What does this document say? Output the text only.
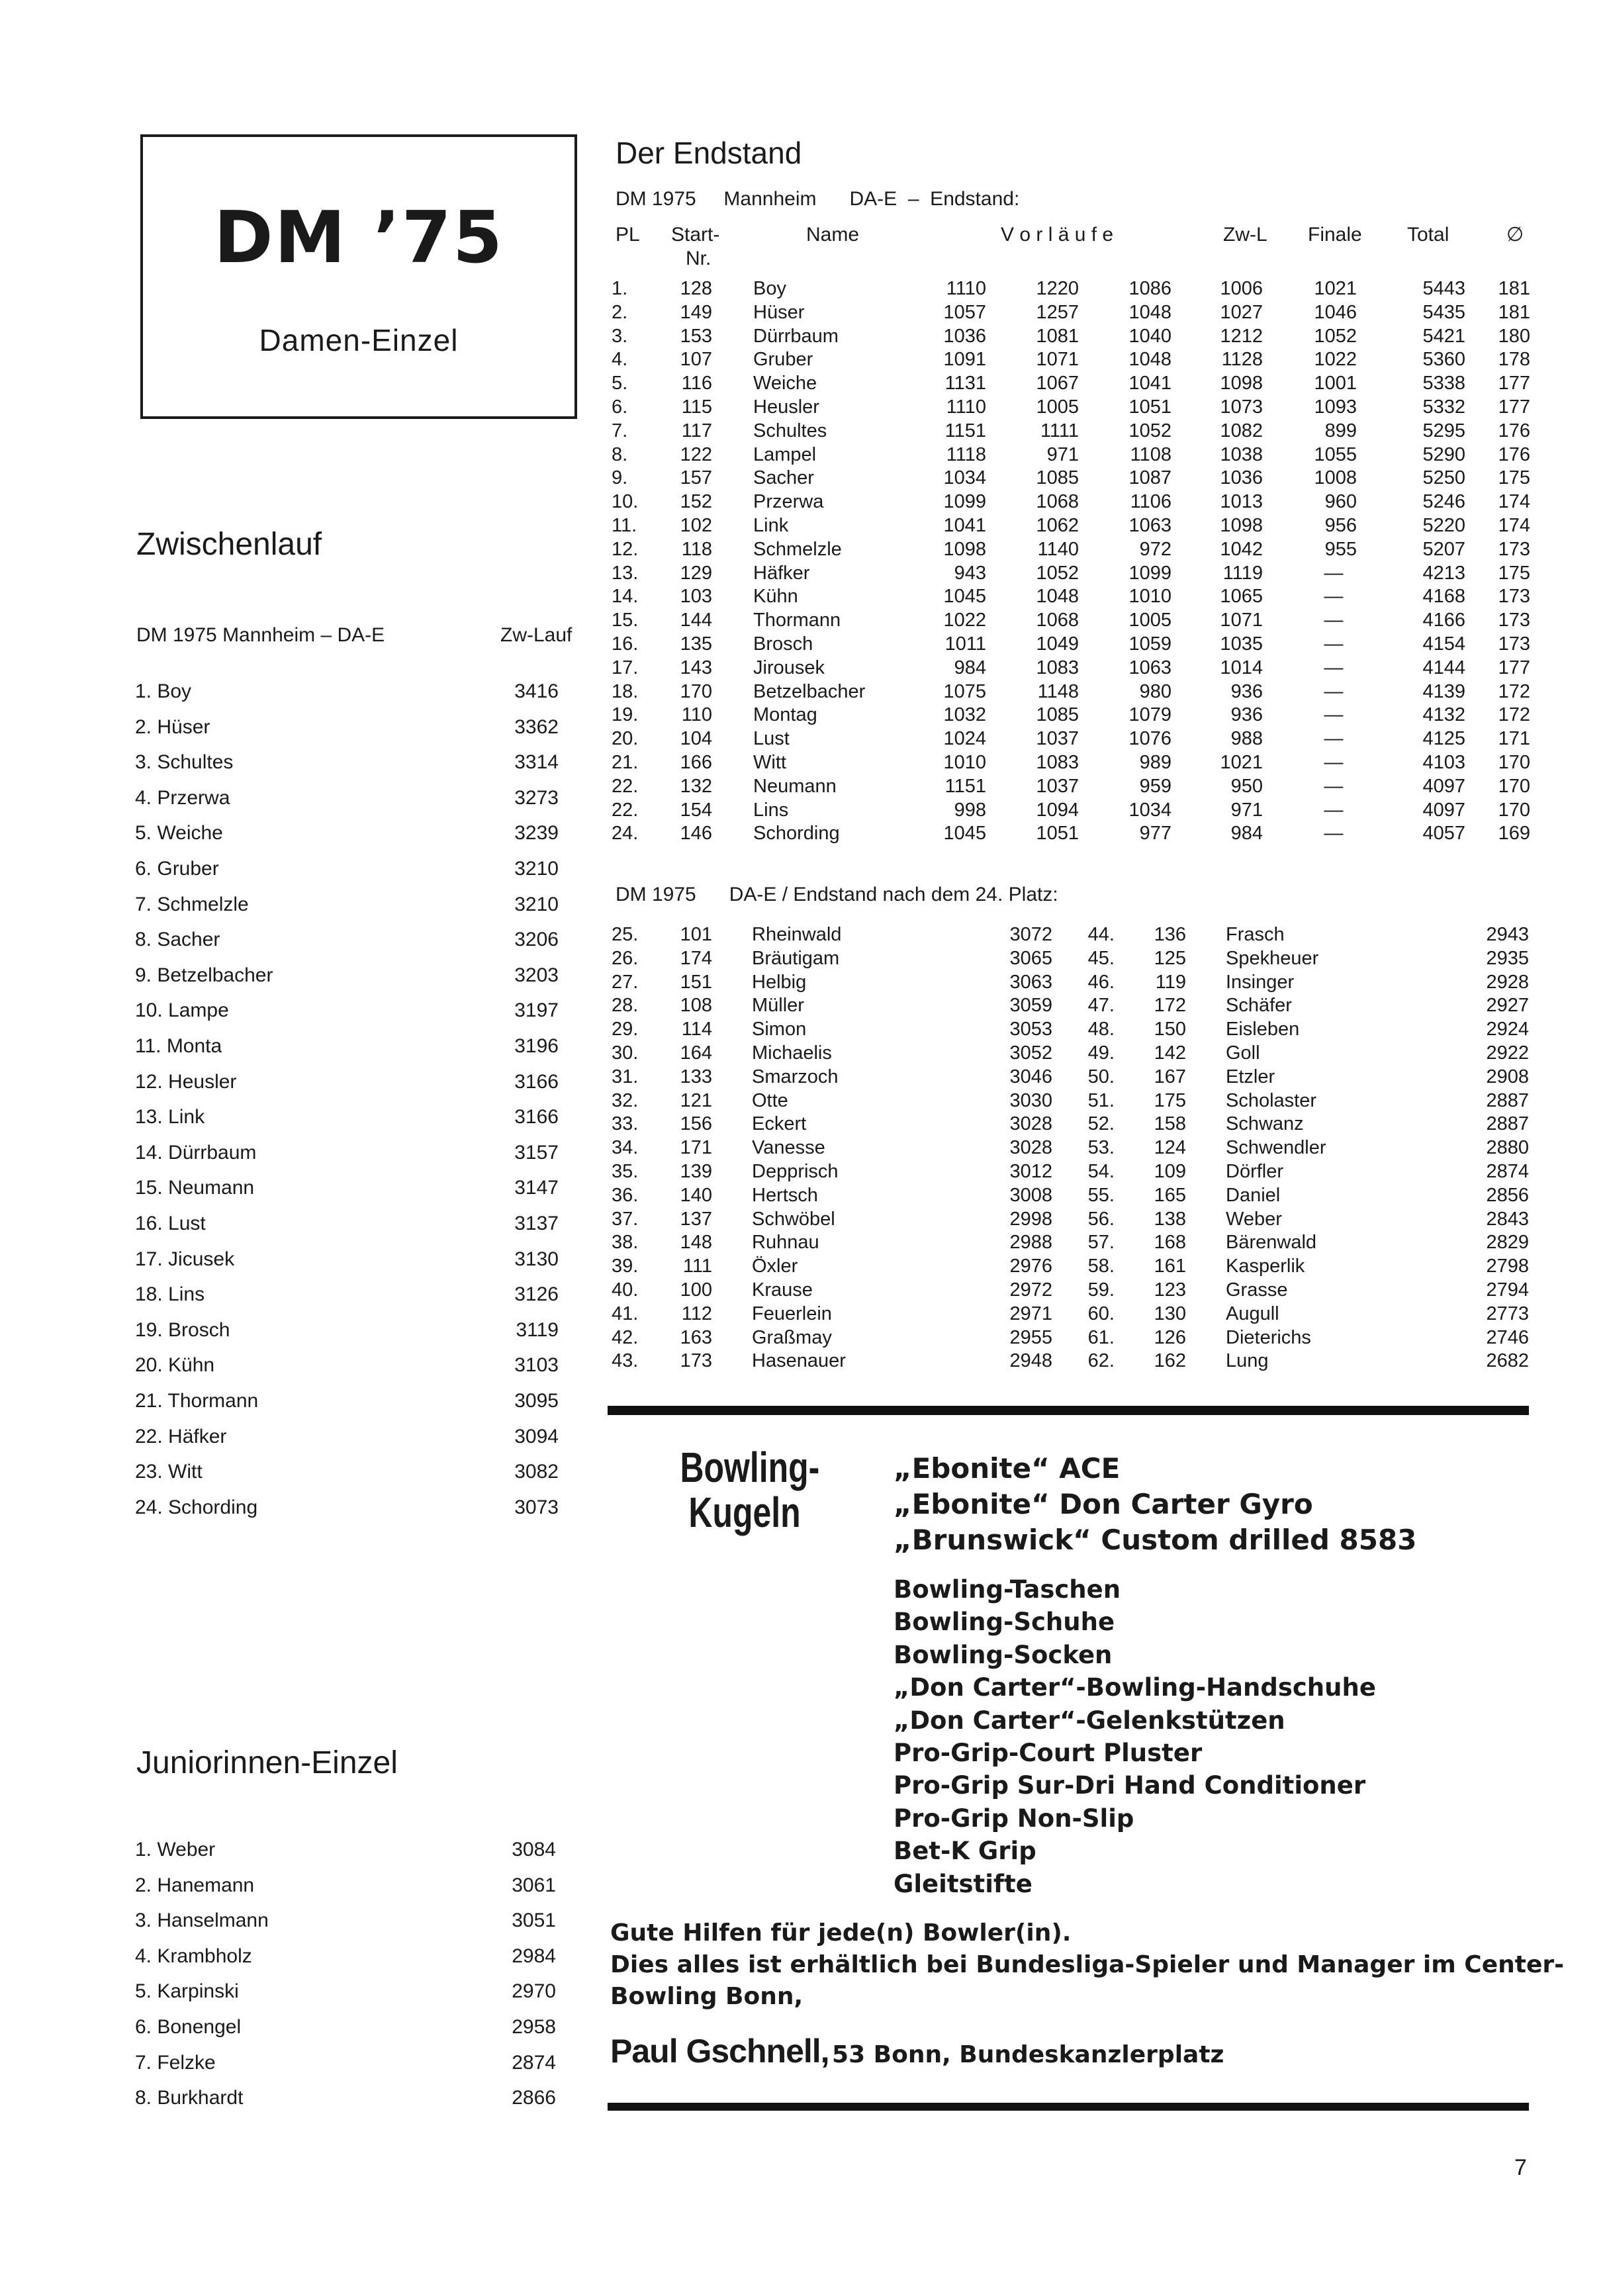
DM ’75
Damen-Einzel
Zwischenlauf
DM 1975 Mannheim – DA-E	Zw-Lauf
1. Boy	3416
2. Hüser	3362
3. Schultes	3314
4. Przerwa	3273
5. Weiche	3239
6. Gruber	3210
7. Schmelzle	3210
8. Sacher	3206
9. Betzelbacher	3203
10. Lampe	3197
11. Monta	3196
12. Heusler	3166
13. Link	3166
14. Dürrbaum	3157
15. Neumann	3147
16. Lust	3137
17. Jicusek	3130
18. Lins	3126
19. Brosch	3119
20. Kühn	3103
21. Thormann	3095
22. Häfker	3094
23. Witt	3082
24. Schording	3073
Juniorinnen-Einzel
1. Weber	3084
2. Hanemann	3061
3. Hanselmann	3051
4. Krambholz	2984
5. Karpinski	2970
6. Bonengel	2958
7. Felzke	2874
8. Burkhardt	2866
Der Endstand
DM 1975     Mannheim      DA-E  –  Endstand:
PL Start-
Nr.
Name	V o r l ä u f e	Zw-L Finale Total	∅
1.	128 Boy	1110	1220	1086	1006	1021	5443	181
2.	149 Hüser	1057	1257	1048	1027	1046	5435	181
3.	153 Dürrbaum	1036	1081	1040	1212	1052	5421	180
4.	107 Gruber	1091	1071	1048	1128	1022	5360	178
5.	116 Weiche	1131	1067	1041	1098	1001	5338	177
6.	115 Heusler	1110	1005	1051	1073	1093	5332	177
7.	117 Schultes	1151	1111	1052	1082	899	5295	176
8.	122 Lampel	1118	971	1108	1038	1055	5290	176
9.	157 Sacher	1034	1085	1087	1036	1008	5250	175
10.	152 Przerwa	1099	1068	1106	1013	960	5246	174
11.	102 Link	1041	1062	1063	1098	956	5220	174
12.	118 Schmelzle	1098	1140	972	1042	955	5207	173
13.	129 Häfker	943	1052	1099	1119	—	4213	175
14.	103 Kühn	1045	1048	1010	1065	—	4168	173
15.	144 Thormann	1022	1068	1005	1071	—	4166	173
16.	135 Brosch	1011	1049	1059	1035	—	4154	173
17.	143 Jirousek	984	1083	1063	1014	—	4144	177
18.	170 Betzelbacher	1075	1148	980	936	—	4139	172
19.	110 Montag	1032	1085	1079	936	—	4132	172
20.	104 Lust	1024	1037	1076	988	—	4125	171
21.	166 Witt	1010	1083	989	1021	—	4103	170
22.	132 Neumann	1151	1037	959	950	—	4097	170
22.	154 Lins	998	1094	1034	971	—	4097	170
24.	146 Schording	1045	1051	977	984	—	4057	169
DM 1975      DA-E / Endstand nach dem 24. Platz:
25.	101 Rheinwald	3072	44.	136 Frasch	2943
26.	174 Bräutigam	3065	45.	125 Spekheuer	2935
27.	151 Helbig	3063	46.	119 Insinger	2928
28.	108 Müller	3059	47.	172 Schäfer	2927
29.	114 Simon	3053	48.	150 Eisleben	2924
30.	164 Michaelis	3052	49.	142 Goll	2922
31.	133 Smarzoch	3046	50.	167 Etzler	2908
32.	121 Otte	3030	51.	175 Scholaster	2887
33.	156 Eckert	3028	52.	158 Schwanz	2887
34.	171 Vanesse	3028	53.	124 Schwendler	2880
35.	139 Depprisch	3012	54.	109 Dörfler	2874
36.	140 Hertsch	3008	55.	165 Daniel	2856
37.	137 Schwöbel	2998	56.	138 Weber	2843
38.	148 Ruhnau	2988	57.	168 Bärenwald	2829
39.	111 Öxler	2976	58.	161 Kasperlik	2798
40.	100 Krause	2972	59.	123 Grasse	2794
41.	112 Feuerlein	2971	60.	130 Augull	2773
42.	163 Graßmay	2955	61.	126 Dieterichs	2746
43.	173 Hasenauer	2948	62.	162 Lung	2682
Bowling-
Kugeln
„Ebonite“ ACE
„Ebonite“ Don Carter Gyro
„Brunswick“ Custom drilled 8583
Bowling-Taschen
Bowling-Schuhe
Bowling-Socken
„Don Carter“-Bowling-Handschuhe
„Don Carter“-Gelenkstützen
Pro-Grip-Court Pluster
Pro-Grip Sur-Dri Hand Conditioner
Pro-Grip Non-Slip
Bet-K Grip
Gleitstifte
Gute Hilfen für jede(n) Bowler(in).
Dies alles ist erhältlich bei Bundesliga-Spieler und Manager im Center-
Bowling Bonn,
Paul Gschnell, 53 Bonn, Bundeskanzlerplatz
7
